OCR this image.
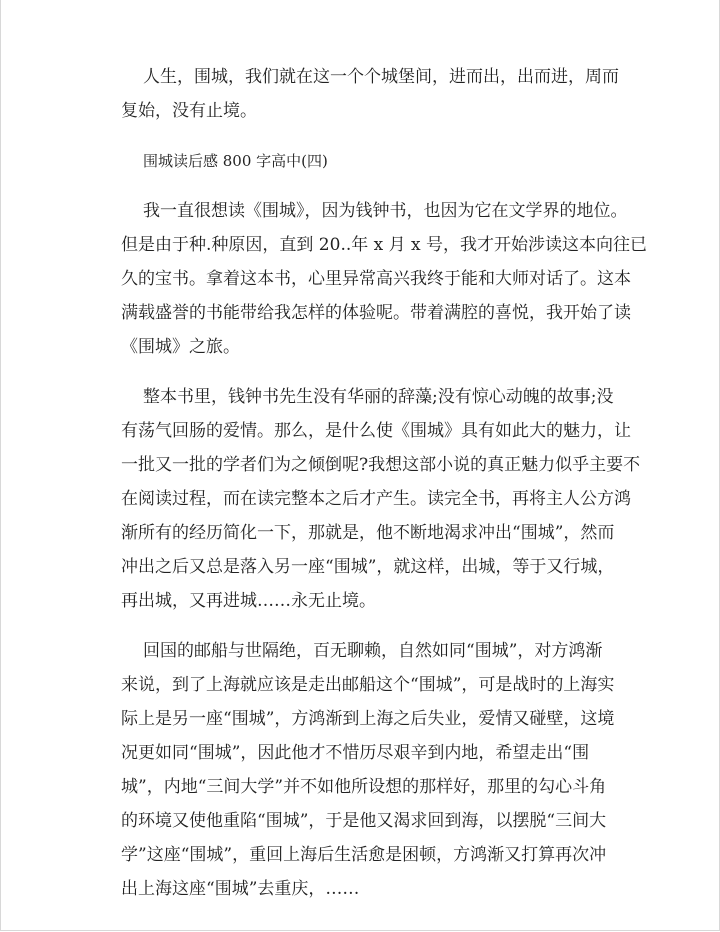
人生，围城，我们就在这一个个城堡间，进而出，出而进，周而
复始，没有止境。
围城读后感 800 字高中(四)
我一直很想读《围城》，因为钱钟书，也因为它在文学界的地位。
但是由于种.种原因，直到 20..年 x 月 x 号，我才开始涉读这本向往已
久的宝书。拿着这本书，心里异常高兴我终于能和大师对话了。这本
满载盛誉的书能带给我怎样的体验呢。带着满腔的喜悦，我开始了读
《围城》之旅。
整本书里，钱钟书先生没有华丽的辞藻;没有惊心动魄的故事;没
有荡气回肠的爱情。那么，是什么使《围城》具有如此大的魅力，让
一批又一批的学者们为之倾倒呢?我想这部小说的真正魅力似乎主要不
在阅读过程，而在读完整本之后才产生。读完全书，再将主人公方鸿
渐所有的经历简化一下，那就是，他不断地渴求冲出“围城”，然而
冲出之后又总是落入另一座“围城”，就这样，出城，等于又行城，
再出城，又再进城……永无止境。
回国的邮船与世隔绝，百无聊赖，自然如同“围城”，对方鸿渐
来说，到了上海就应该是走出邮船这个“围城”，可是战时的上海实
际上是另一座“围城”，方鸿渐到上海之后失业，爱情又碰壁，这境
况更如同“围城”，因此他才不惜历尽艰辛到内地，希望走出“围
城”，内地“三间大学”并不如他所设想的那样好，那里的勾心斗角
的环境又使他重陷“围城”，于是他又渴求回到海，以摆脱“三间大
学”这座“围城”，重回上海后生活愈是困顿，方鸿渐又打算再次冲
出上海这座“围城”去重庆，……
